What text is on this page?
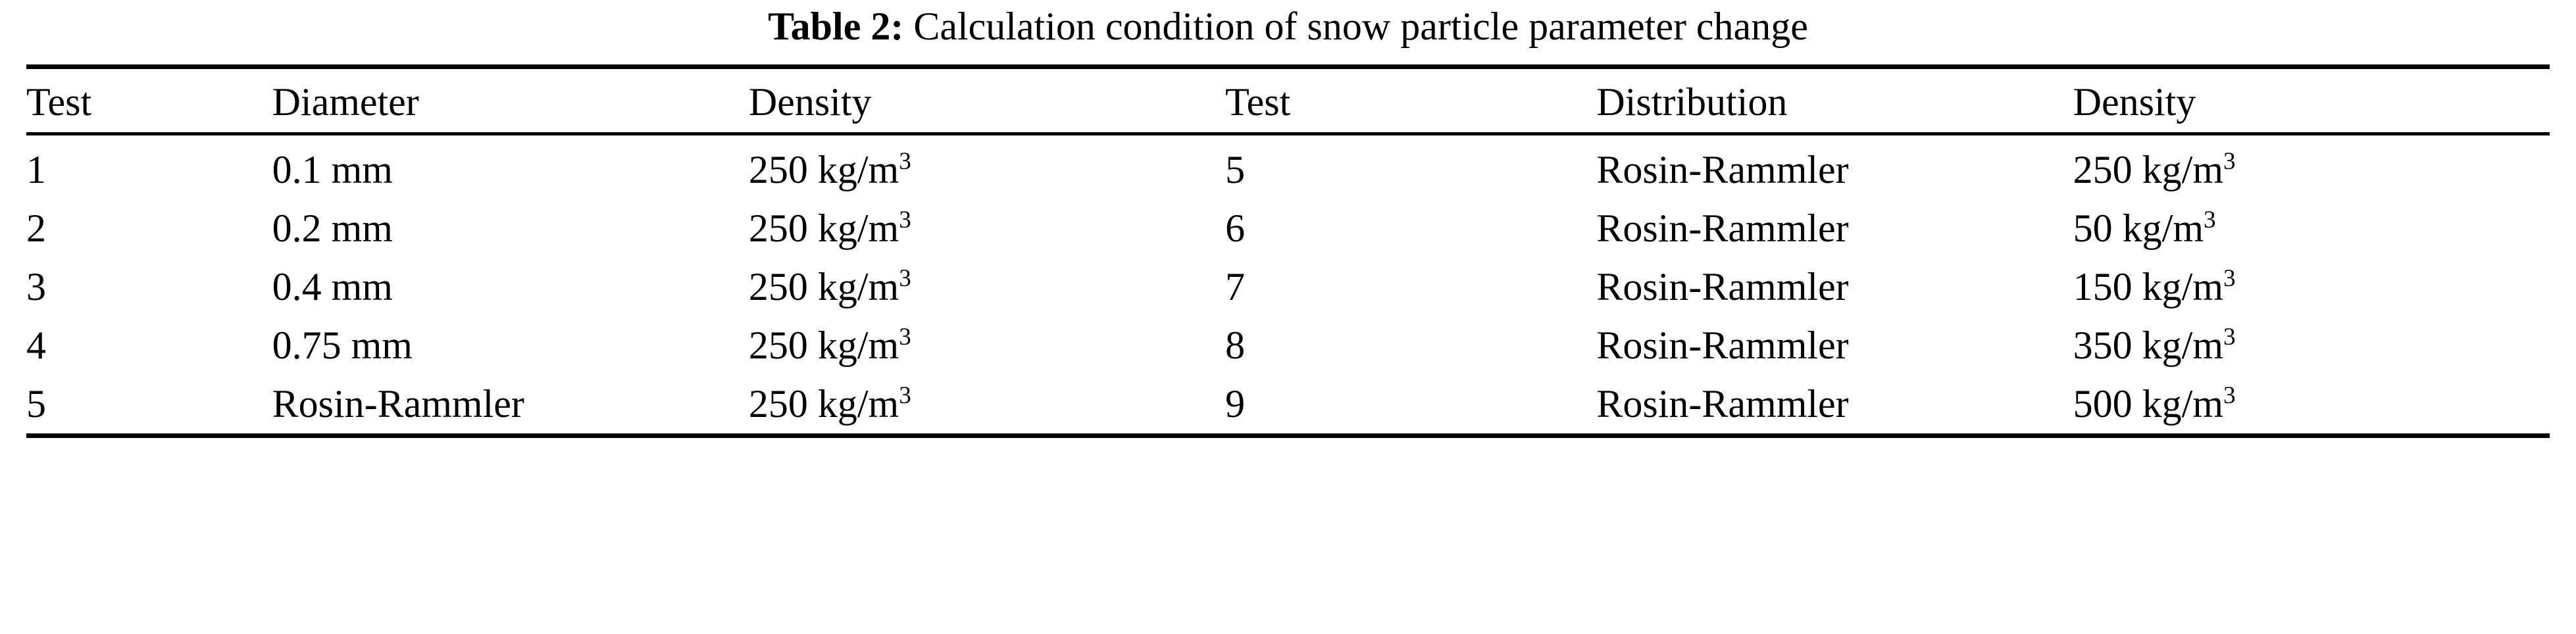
Table 2: Calculation condition of snow particle parameter change
Test	Diameter	Density	Test	Distribution	Density
1	0.1 mm	250 $kg/m^3$	5	Rosin-Rammler	250 $kg/m^3$
2	0.2 mm	250 $kg/m^3$	6	Rosin-Rammler	50 $kg/m^3$
3	0.4 mm	250 $kg/m^3$	7	Rosin-Rammler	150 $kg/m^3$
4	0.75 mm	250 $kg/m^3$	8	Rosin-Rammler	350 $kg/m^3$
5	Rosin-Rammler	250 $kg/m^3$	9	Rosin-Rammler	500 $kg/m^3$
